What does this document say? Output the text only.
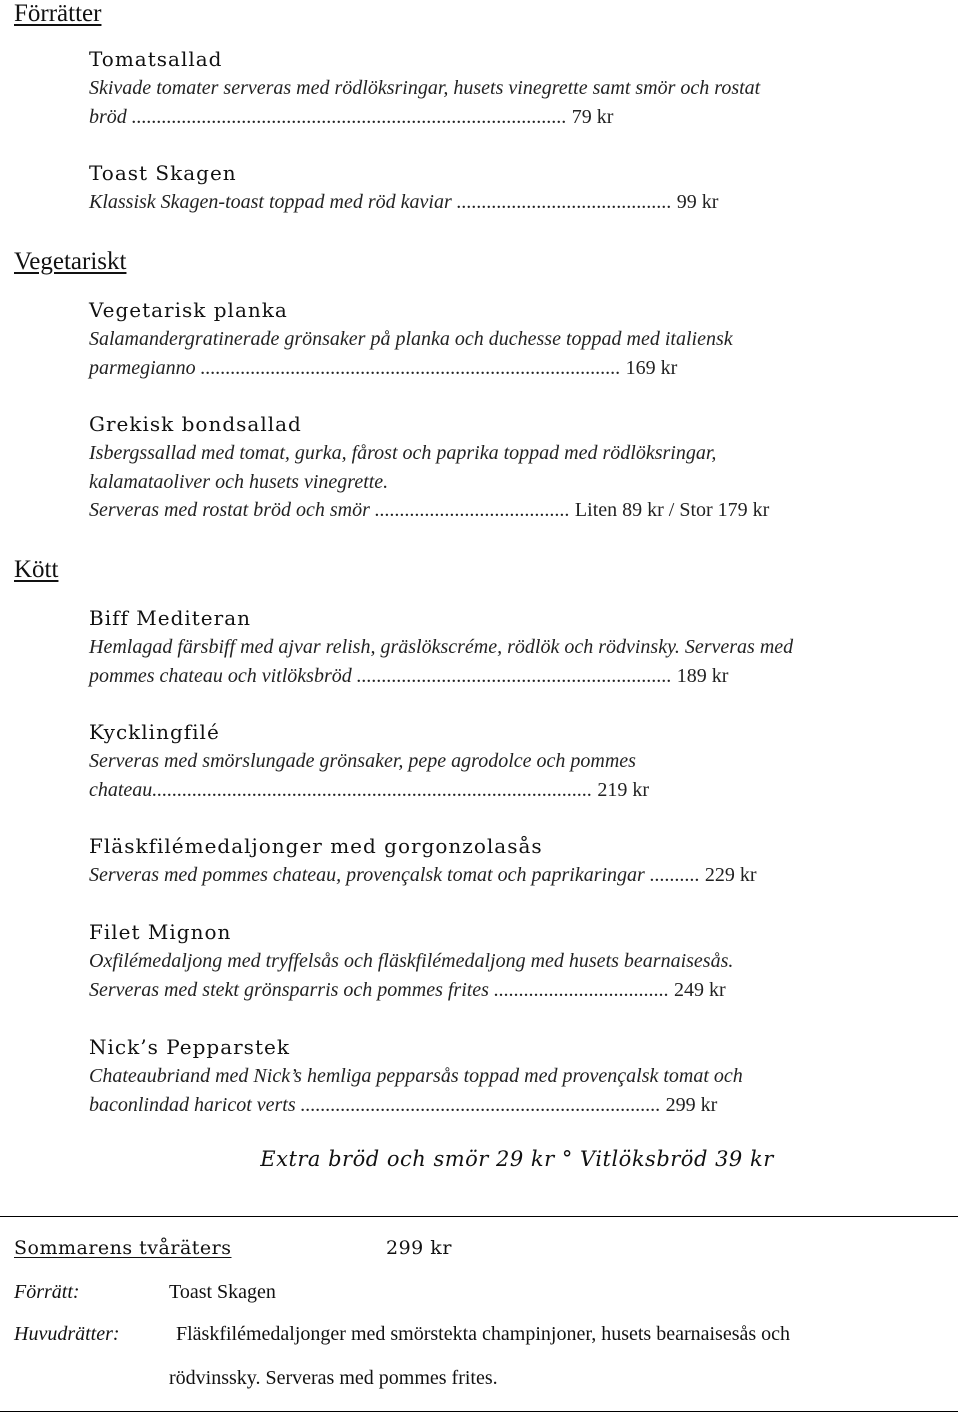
Förrätter
Vegetariskt
Kött
Tomatsallad
Skivade tomater serveras med rödlöksringar, husets vinegrette samt smör och rostat
bröd ....................................................................................... 79 kr
Toast Skagen
Klassisk Skagen-toast toppad med röd kaviar ........................................... 99 kr
Vegetarisk planka
Salamandergratinerade grönsaker på planka och duchesse toppad med italiensk
parmegianno .................................................................................... 169 kr
Grekisk bondsallad
Isbergssallad med tomat, gurka, fårost och paprika toppad med rödlöksringar,
kalamataoliver och husets vinegrette.
Serveras med rostat bröd och smör ....................................... Liten 89 kr / Stor 179 kr
Biff Mediteran
Hemlagad färsbiff med ajvar relish, gräslökscréme, rödlök och rödvinsky. Serveras med
pommes chateau och vitlöksbröd ............................................................... 189 kr
Kycklingfilé
Serveras med smörslungade grönsaker, pepe agrodolce och pommes
chateau........................................................................................ 219 kr
Fläskfilémedaljonger med gorgonzolasås
Serveras med pommes chateau, provençalsk tomat och paprikaringar .......... 229 kr
Filet Mignon
Oxfilémedaljong med tryffelsås och fläskfilémedaljong med husets bearnaisesås.
Serveras med stekt grönsparris och pommes frites ................................... 249 kr
Nick’s Pepparstek
Chateaubriand med Nick’s hemliga pepparsås toppad med provençalsk tomat och
baconlindad haricot verts ........................................................................ 299 kr
Extra bröd och smör 29 kr ° Vitlöksbröd 39 kr
Sommarens tvåräters	299 kr
Förrätt:	Toast Skagen
Huvudrätter:	Fläskfilémedaljonger med smörstekta champinjoner, husets bearnaisesås och
rödvinssky. Serveras med pommes frites.
